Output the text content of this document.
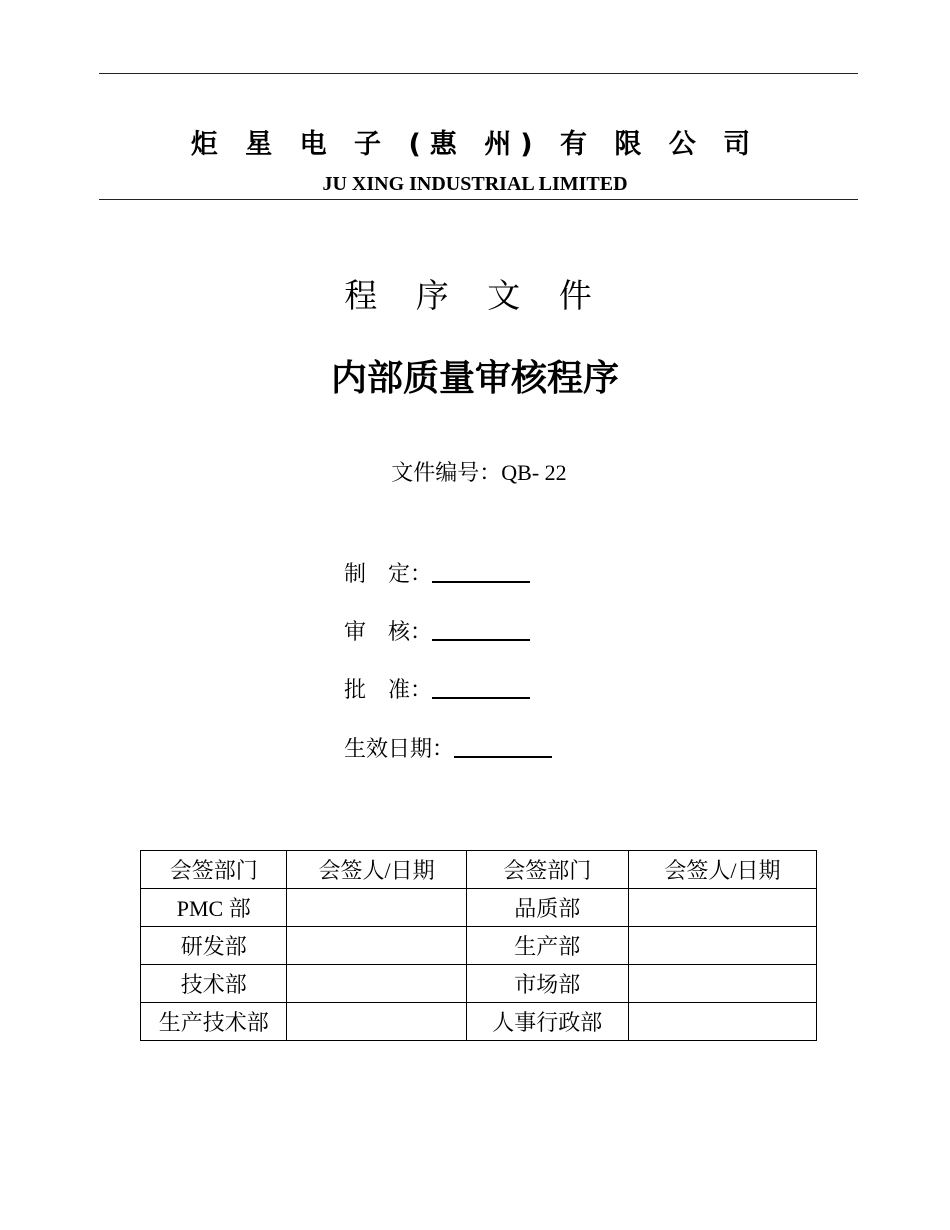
炬 星 电 子 (惠 州) 有 限 公 司
JU XING INDUSTRIAL LIMITED
程 序 文 件
内部质量审核程序
文件编号：QB- 22
制　定：
审　核：
批　准：
生效日期：
会签部门	会签人/日期	会签部门	会签人/日期
PMC 部		品质部	
研发部		生产部	
技术部		市场部	
生产技术部		人事行政部	
